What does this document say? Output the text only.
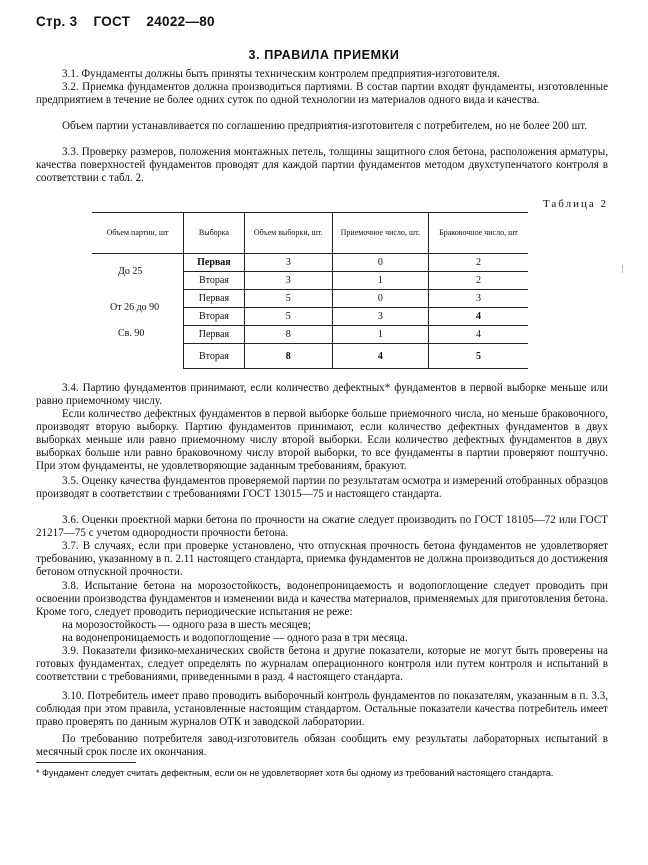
Стр. 3 ГОСТ 24022—80
3. ПРАВИЛА ПРИЕМКИ
3.1. Фундаменты должны быть приняты техническим контролем предприятия-изготовителя.
3.2. Приемка фундаментов должна производиться партиями. В состав партии входят фундаменты, изготовленные предприятием в течение не более одних суток по одной технологии из материалов одного вида и качества.
Объем партии устанавливается по соглашению предприятия-изготовителя с потребителем, но не более 200 шт.
3.3. Проверку размеров, положения монтажных петель, толщины защитного слоя бетона, расположения арматуры, качества поверхностей фундаментов проводят для каждой партии фундаментов методом двухступенчатого контроля в соответствии с табл. 2.
Таблица 2
Объем партии, шт	Выборка	Объем выборки, шт.	Приемочное число, шт.	Браковочное число, шт
До 25	Первая	3	0	2
	Вторая	3	1	2
От 26 до 90	Первая	5	0	3
	Вторая	5	3	4
Св. 90	Первая	8	1	4
	Вторая	8	4	5
⁄
3.4. Партию фундаментов принимают, если количество дефектных* фундаментов в первой выборке меньше или равно приемочному числу.
Если количество дефектных фундаментов в первой выборке больше приемочного числа, но меньше браковочного, производят вторую выборку. Партию фундаментов принимают, если количество дефектных фундаментов в двух выборках меньше или равно приемочному числу второй выборки. Если количество дефектных фундаментов в двух выборках больше или равно браковочному числу второй выборки, то все фундаменты в партии проверяют поштучно. При этом фундаменты, не удовлетворяющие заданным требованиям, бракуют.
3.5. Оценку качества фундаментов проверяемой партии по результатам осмотра и измерений отобранных образцов производят в соответствии с требованиями ГОСТ 13015—75 и настоящего стандарта.
3.6. Оценки проектной марки бетона по прочности на сжатие следует производить по ГОСТ 18105—72 или ГОСТ 21217—75 с учетом однородности прочности бетона.
3.7. В случаях, если при проверке установлено, что отпускная прочность бетона фундаментов не удовлетворяет требованию, указанному в п. 2.11 настоящего стандарта, приемка фундаментов не должна производиться до достижения бетоном отпускной прочности.
3.8. Испытание бетона на морозостойкость, водонепроницаемость и водопоглощение следует проводить при освоении производства фундаментов и изменении вида и качества материалов, применяемых для приготовления бетона. Кроме того, следует проводить периодические испытания не реже:
на морозостойкость — одного раза в шесть месяцев;
на водонепроницаемость и водопоглощение — одного раза в три месяца.
3.9. Показатели физико-механических свойств бетона и другие показатели, которые не могут быть проверены на готовых фундаментах, следует определять по журналам операционного контроля или путем контроля и испытаний в соответствии с требованиями, приведенными в разд. 4 настоящего стандарта.
3.10. Потребитель имеет право проводить выборочный контроль фундаментов по показателям, указанным в п. 3.3, соблюдая при этом правила, установленные настоящим стандартом. Остальные показатели качества потребитель имеет право проверять по данным журналов ОТК и заводской лаборатории.
По требованию потребителя завод-изготовитель обязан сообщить ему результаты лабораторных испытаний в месячный срок после их окончания.
* Фундамент следует считать дефектным, если он не удовлетворяет хотя бы одному из требований настоящего стандарта.
